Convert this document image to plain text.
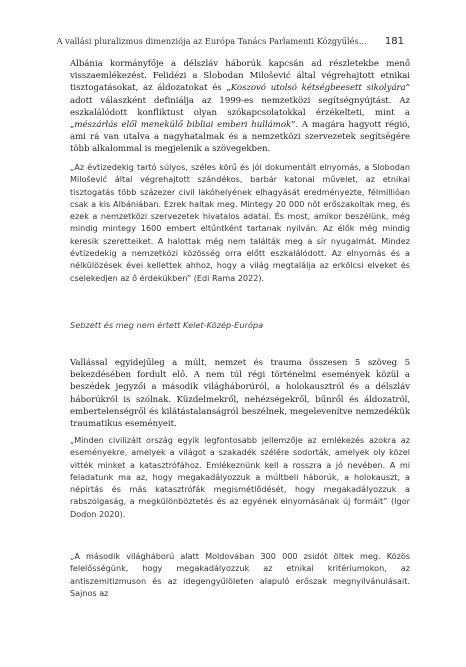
A vallási pluralizmus dimenziója az Európa Tanács Parlamenti Közgyűlés… 181

Albánia kormányfője a délszláv háborúk kapcsán ad részletekbe menő visszaemlékezést. Felidézi a Slobodan Milošević által végrehajtott etnikai tisztogatásokat, az áldozatokat és „Koszovó utolsó kétségbeesett sikolyára” adott válaszként definiálja az 1999-es nemzetközi segítségnyújtást. Az eszkalálódott konfliktust olyan szókapcsolatokkal érzékelteti, mint a „mészárlás elől menekülő bibliai emberi hullámok”. A magára hagyott régió, ami rá van utalva a nagyhatalmak és a nemzetközi szervezetek segítségére több alkalommal is megjelenik a szövegekben.

„Az évtizedekig tartó súlyos, széles körű és jól dokumentált elnyomás, a Slobodan Milošević által végrehajtott szándékos, barbár katonai művelet, az etnikai tisztogatás több százezer civil lakóhelyének elhagyását eredményezte, félmillióan csak a kis Albániában. Ezrek haltak meg. Mintegy 20 000 nőt erőszakoltak meg, és ezek a nemzetközi szervezetek hivatalos adatai. És most, amikor beszélünk, még mindig mintegy 1600 embert eltűntként tartanak nyilván. Az élők még mindig keresik szeretteiket. A halottak még nem találták meg a sír nyugalmát. Mindez évtizedekig a nemzetközi közösség orra előtt eszkalálódott. Az elnyomás és a nélkülözések évei kellettek ahhoz, hogy a világ megtalálja az erkölcsi elveket és cselekedjen az ő érdekükben” (Edi Rama 2022).

Sebzett és meg nem értett Kelet-Közép-Európa

Vallással egyidejűleg a múlt, nemzet és trauma összesen 5 szöveg 5 bekezdésében fordult elő. A nem túl régi történelmi események közül a beszédek jegyzői a második világháborúról, a holokausztról és a délszláv háborúkról is szólnak. Küzdelmekről, nehézségekről, bűnről és áldozatról, embertelenségről és kilátástalanságról beszélnek, megelevenítve nemzedékük traumatikus eseményeit.

„Minden civilizált ország egyik legfontosabb jellemzője az emlékezés azokra az eseményekre, amelyek a világot a szakadék szélére sodorták, amelyek oly közel vitték minket a katasztrófához. Emlékeznünk kell a rosszra a jó nevében. A mi feladatunk ma az, hogy megakadályozzuk a múltbeli háborúk, a holokauszt, a népirtás és más katasztrófák megismétlődését, hogy megakadályozzuk a rabszolgaság, a megkülönböztetés és az egyének elnyomásának új formáit” (Igor Dodon 2020).

„A második világháború alatt Moldovában 300 000 zsidót öltek meg. Közös felelősségünk, hogy megakadályozzuk az etnikai kritériumokon, az antiszemitizmuson és az idegengyűlöleten alapuló erőszak megnyilvánulásait. Sajnos az
